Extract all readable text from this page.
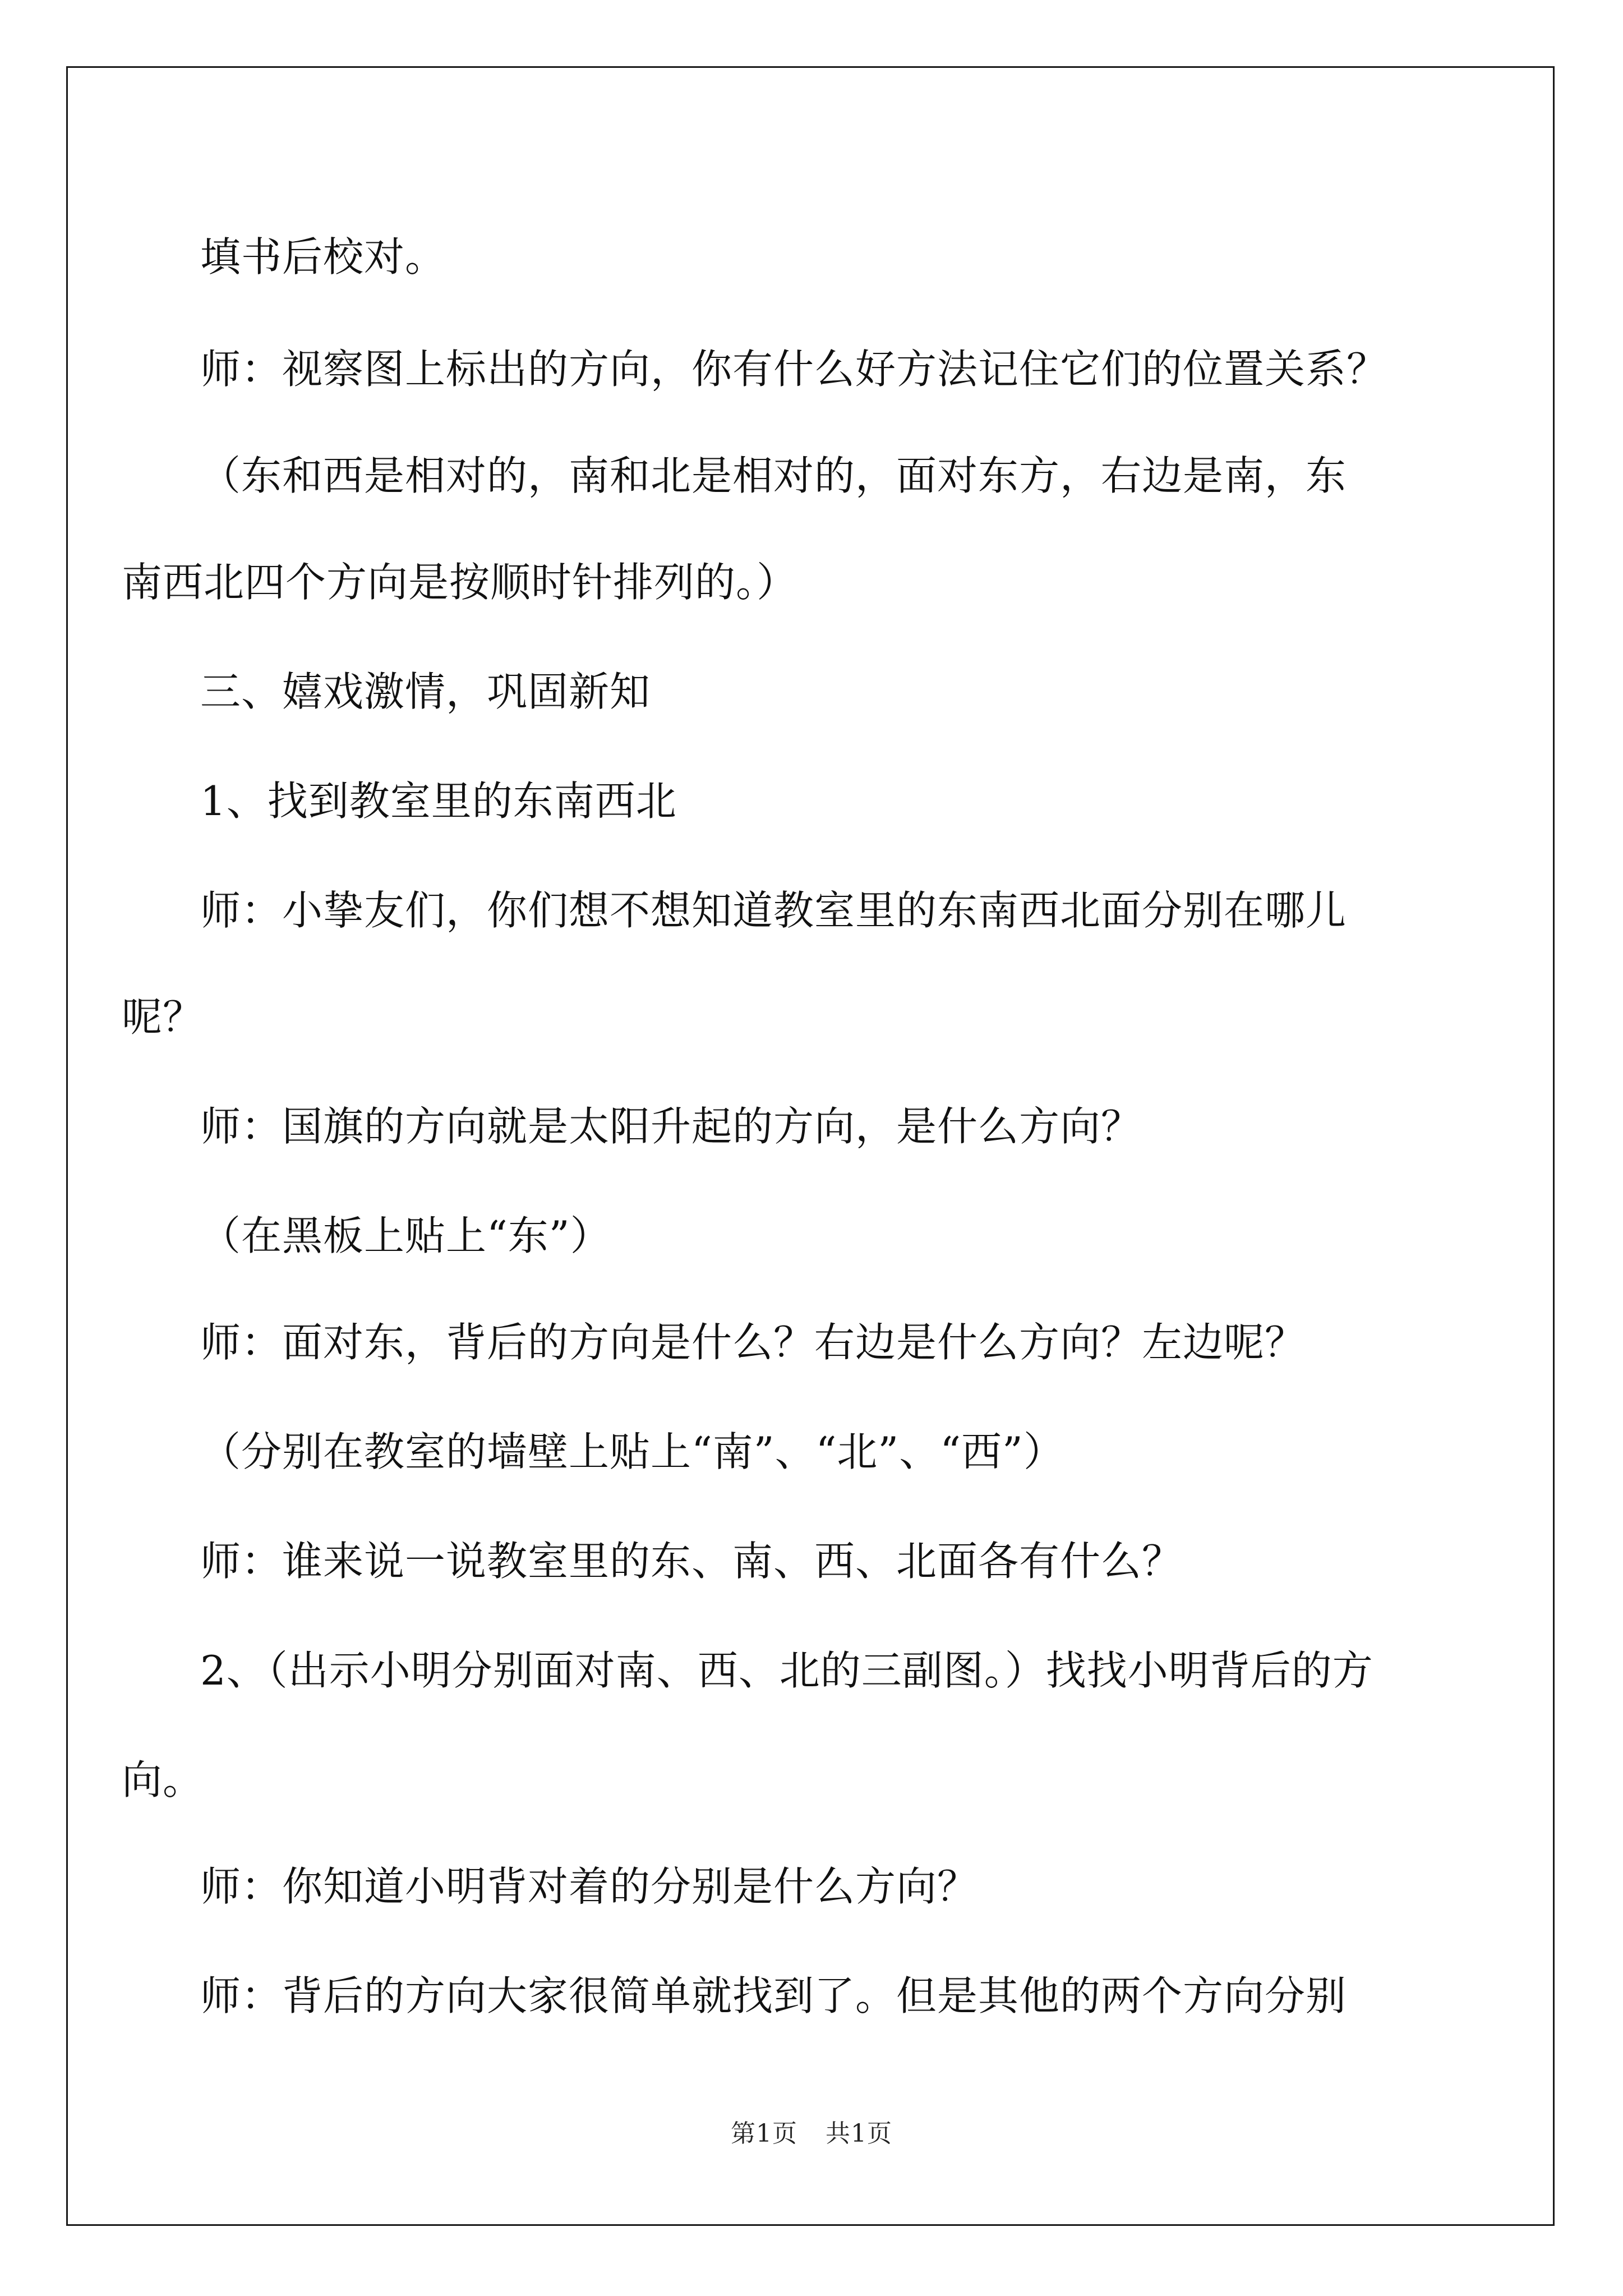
填书后校对。
师：视察图上标出的方向，你有什么好方法记住它们的位置关系？
（东和西是相对的，南和北是相对的，面对东方，右边是南，东
南西北四个方向是按顺时针排列的。）
三、嬉戏激情，巩固新知
1、找到教室里的东南西北
师：小挚友们，你们想不想知道教室里的东南西北面分别在哪儿
呢？
师：国旗的方向就是太阳升起的方向，是什么方向？
（在黑板上贴上“东”）
师：面对东，背后的方向是什么？右边是什么方向？左边呢？
（分别在教室的墙壁上贴上“南”、“北”、“西”）
师：谁来说一说教室里的东、南、西、北面各有什么？
2、（出示小明分别面对南、西、北的三副图。）找找小明背后的方
向。
师：你知道小明背对着的分别是什么方向？
师：背后的方向大家很简单就找到了。但是其他的两个方向分别
第1页 共1页
